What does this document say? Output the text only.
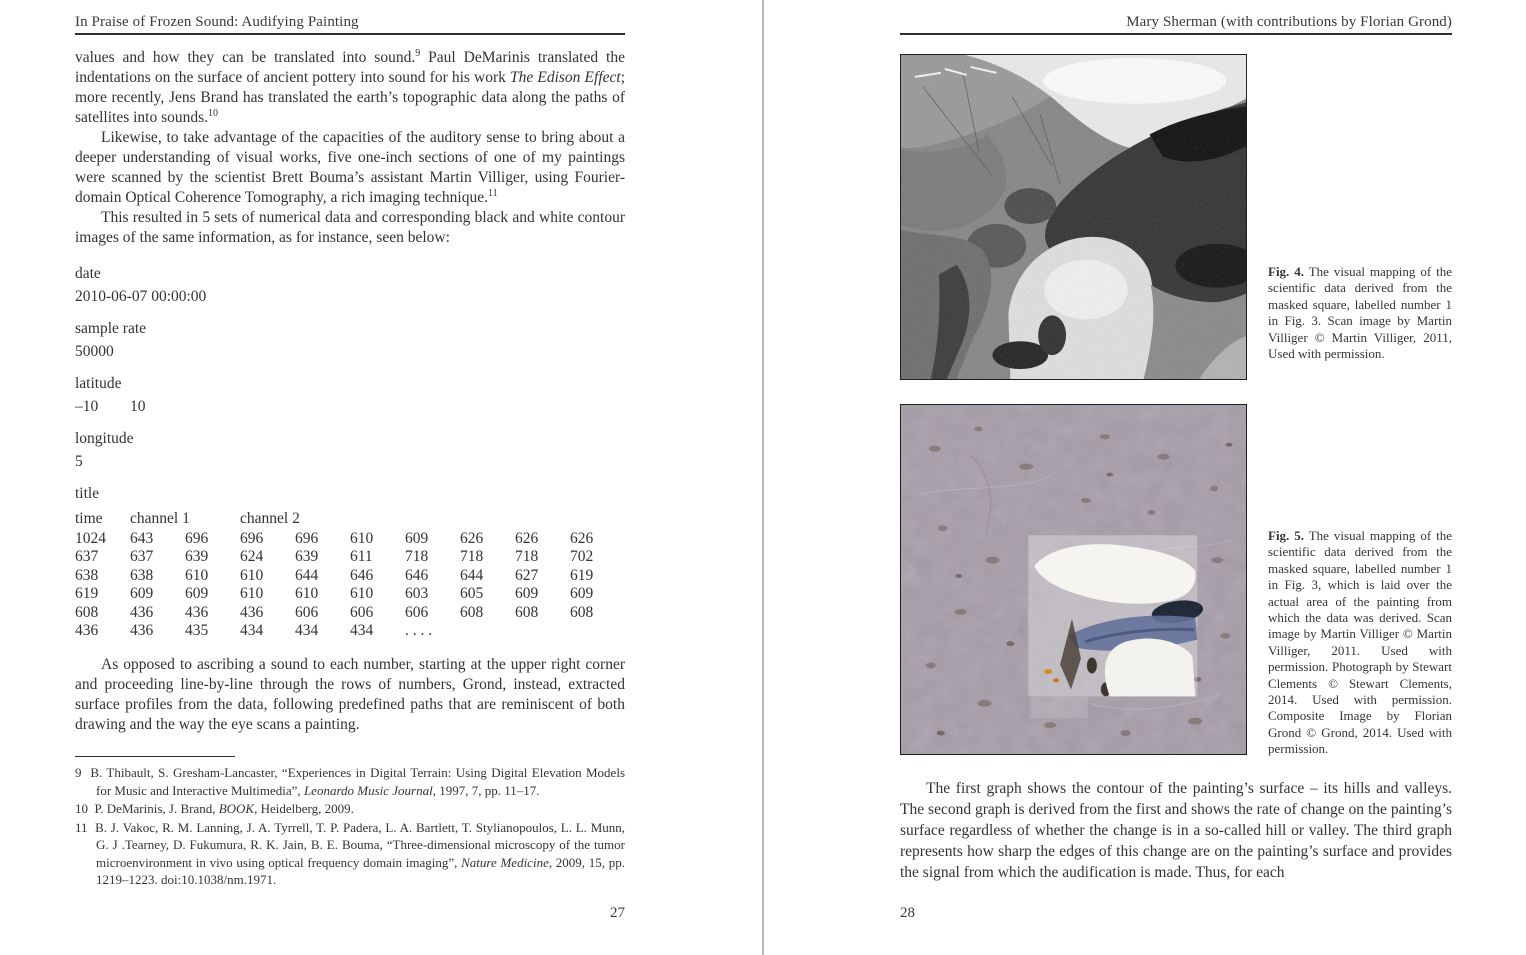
In Praise of Frozen Sound: Audifying Painting

values and how they can be translated into sound.$^9$ Paul DeMarinis translated the indentations on the surface of ancient pottery into sound for his work The Edison Effect; more recently, Jens Brand has translated the earth’s topographic data along the paths of satellites into sounds.$^{10}$

Likewise, to take advantage of the capacities of the auditory sense to bring about a deeper understanding of visual works, five one-inch sections of one of my paintings were scanned by the scientist Brett Bouma’s assistant Martin Villiger, using Fourier-domain Optical Coherence Tomography, a rich imaging technique.$^{11}$

This resulted in 5 sets of numerical data and corresponding black and white contour images of the same information, as for instance, seen below:

date
2010-06-07 00:00:00
sample rate
50000
latitude
–10	10
longitude
5
title
time	channel 1	channel 2
1024	643	696	696	696	610	609	626	626	626
637	637	639	624	639	611	718	718	718	702
638	638	610	610	644	646	646	644	627	619
619	609	609	610	610	610	603	605	609	609
608	436	436	436	606	606	606	608	608	608
436	436	435	434	434	434	. . . .

As opposed to ascribing a sound to each number, starting at the upper right corner and proceeding line-by-line through the rows of numbers, Grond, instead, extracted surface profiles from the data, following predefined paths that are reminiscent of both drawing and the way the eye scans a painting.

9 B. Thibault, S. Gresham-Lancaster, “Experiences in Digital Terrain: Using Digital Elevation Models for Music and Interactive Multimedia”, Leonardo Music Journal, 1997, 7, pp. 11–17.
10 P. DeMarinis, J. Brand, BOOK, Heidelberg, 2009.
11 B. J. Vakoc, R. M. Lanning, J. A. Tyrrell, T. P. Padera, L. A. Bartlett, T. Stylianopoulos, L. L. Munn, G. J .Tearney, D. Fukumura, R. K. Jain, B. E. Bouma, “Three-dimensional microscopy of the tumor microenvironment in vivo using optical frequency domain imaging”, Nature Medicine, 2009, 15, pp. 1219–1223. doi:10.1038/nm.1971.
27
Mary Sherman (with contributions by Florian Grond)
Fig. 4. The visual mapping of the scientific data derived from the masked square, labelled number 1 in Fig. 3. Scan image by Martin Villiger © Martin Villiger, 2011, Used with permission.
Fig. 5. The visual mapping of the scientific data derived from the masked square, labelled number 1 in Fig. 3, which is laid over the actual area of the painting from which the data was derived. Scan image by Martin Villiger © Martin Villiger, 2011. Used with permission. Photograph by Stewart Clements © Stewart Clements, 2014. Used with permission. Composite Image by Florian Grond © Grond, 2014. Used with permission.

The first graph shows the contour of the painting’s surface – its hills and valleys. The second graph is derived from the first and shows the rate of change on the painting’s surface regardless of whether the change is in a so-called hill or valley. The third graph represents how sharp the edges of this change are on the painting’s surface and provides the signal from which the audification is made. Thus, for each

28
